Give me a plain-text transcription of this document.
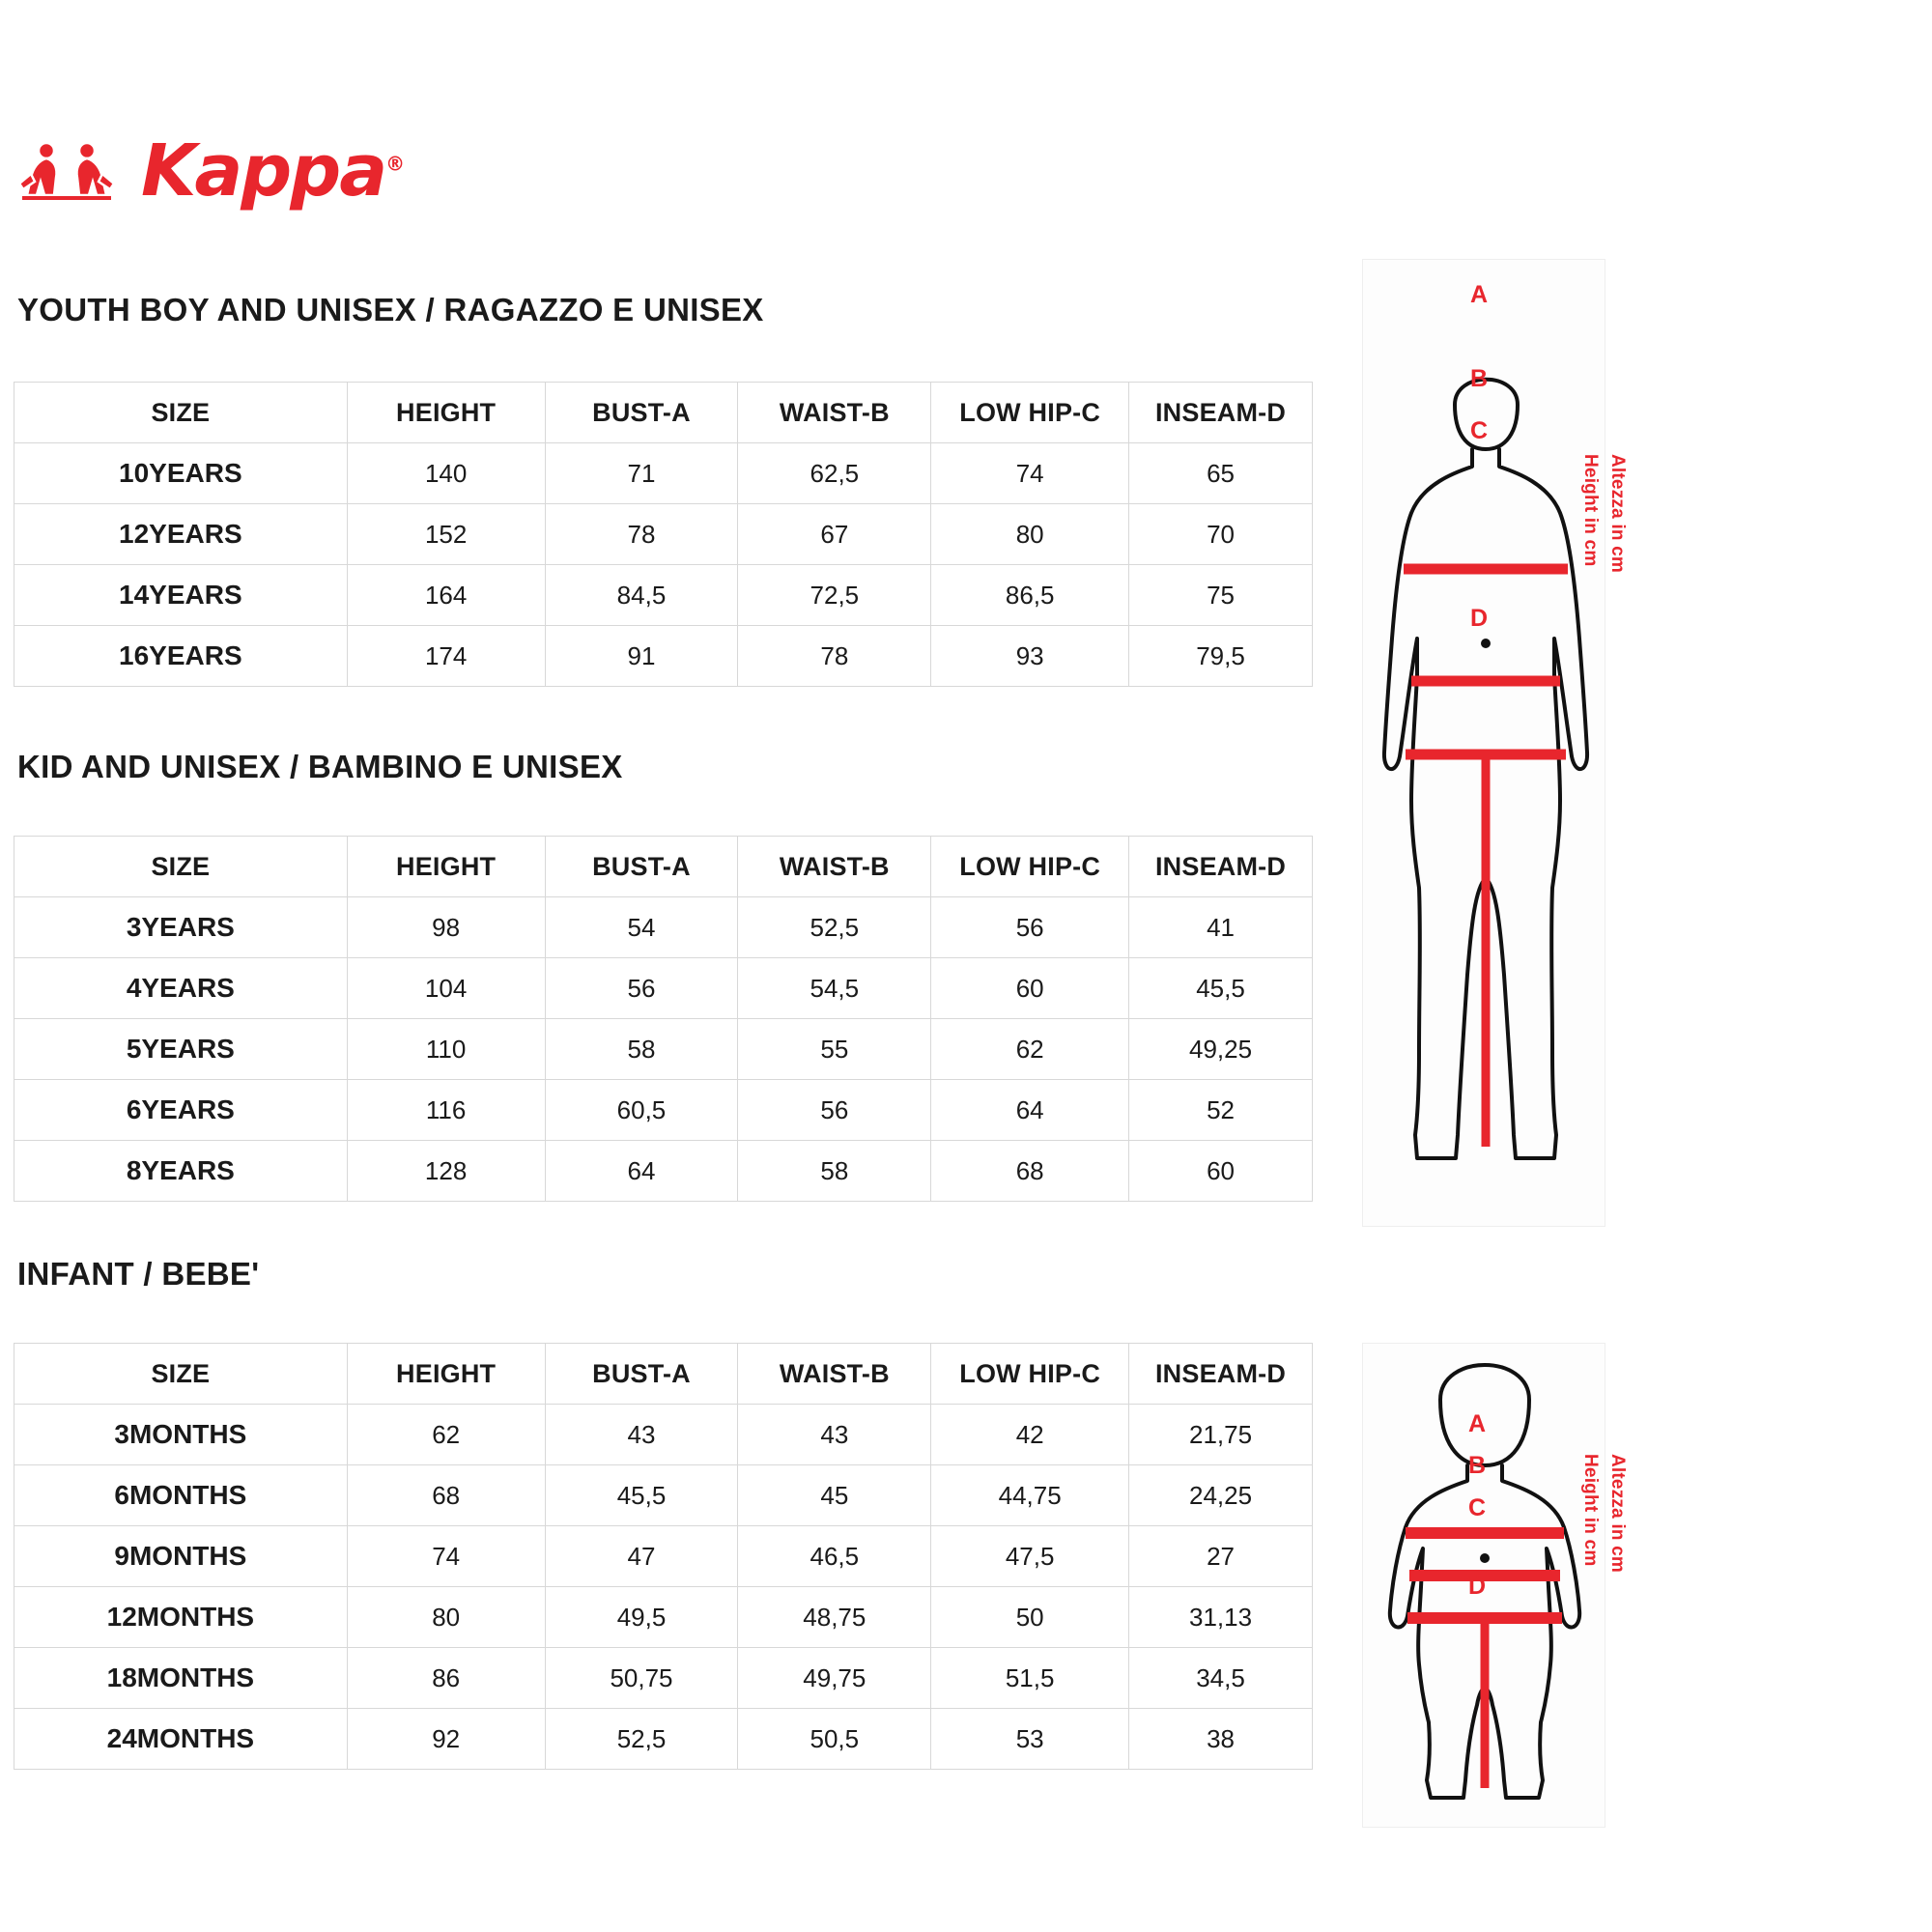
Kappa®
YOUTH BOY AND UNISEX / RAGAZZO E UNISEX
SIZE	HEIGHT	BUST-A	WAIST-B	LOW HIP-C	INSEAM-D
10YEARS	140	71	62,5	74	65
12YEARS	152	78	67	80	70
14YEARS	164	84,5	72,5	86,5	75
16YEARS	174	91	78	93	79,5
KID AND UNISEX / BAMBINO E UNISEX
SIZE	HEIGHT	BUST-A	WAIST-B	LOW HIP-C	INSEAM-D
3YEARS	98	54	52,5	56	41
4YEARS	104	56	54,5	60	45,5
5YEARS	110	58	55	62	49,25
6YEARS	116	60,5	56	64	52
8YEARS	128	64	58	68	60
INFANT / BEBE'
SIZE	HEIGHT	BUST-A	WAIST-B	LOW HIP-C	INSEAM-D
3MONTHS	62	43	43	42	21,75
6MONTHS	68	45,5	45	44,75	24,25
9MONTHS	74	47	46,5	47,5	27
12MONTHS	80	49,5	48,75	50	31,13
18MONTHS	86	50,75	49,75	51,5	34,5
24MONTHS	92	52,5	50,5	53	38
A
B
C
D
Height in cm Altezza in cm
A
B
C
D
Height in cm Altezza in cm
